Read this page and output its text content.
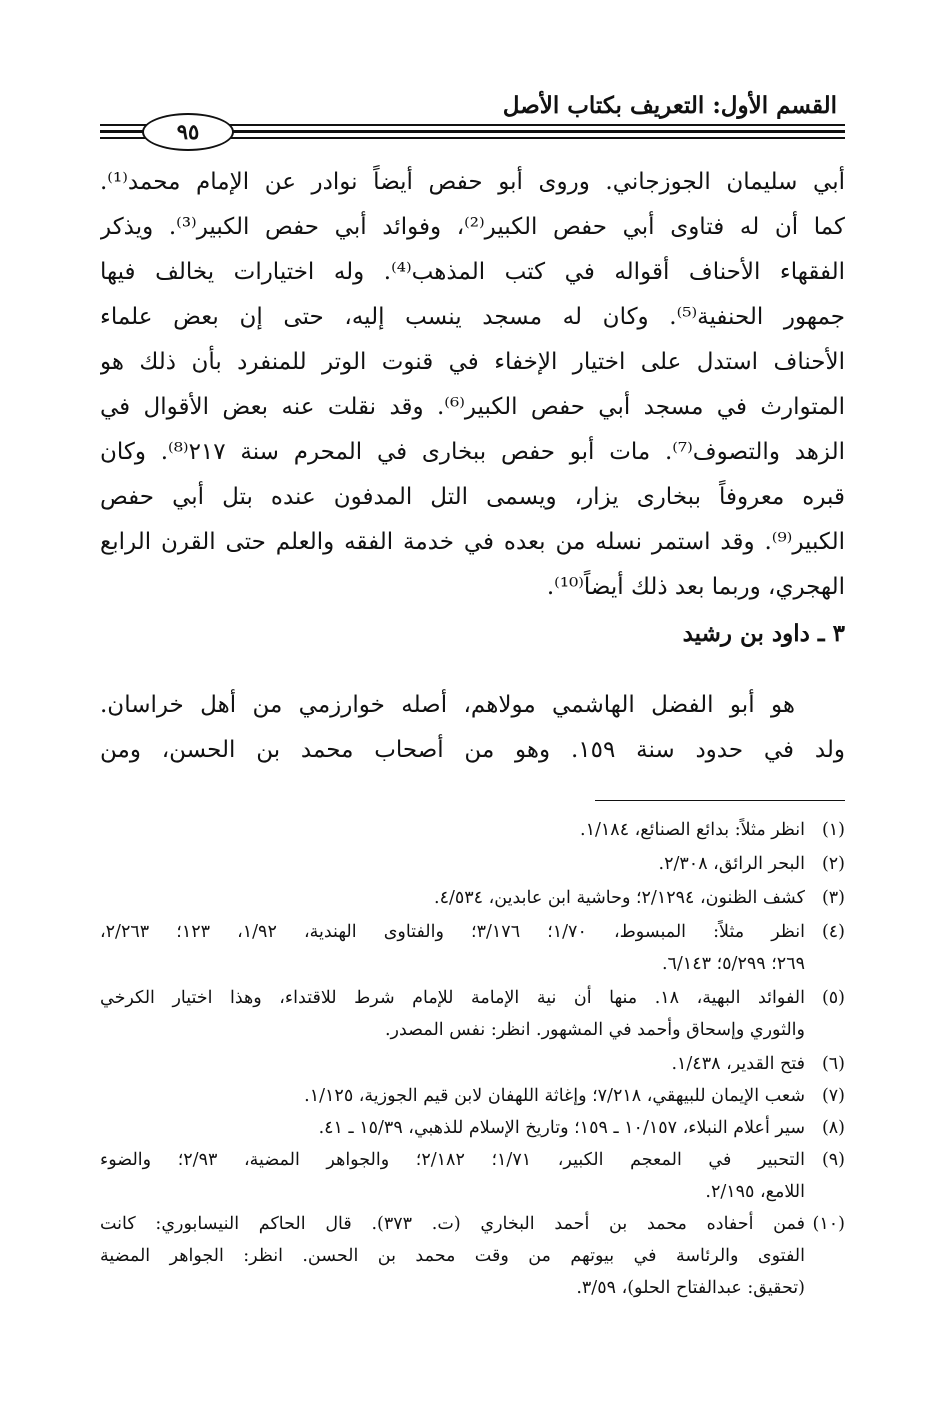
القسم الأول: التعريف بكتاب الأصل
٩٥
أبي سليمان الجوزجاني. وروى أبو حفص أيضاً نوادر عن الإمام محمد⁽¹⁾.
كما أن له فتاوى أبي حفص الكبير⁽²⁾، وفوائد أبي حفص الكبير⁽³⁾. ويذكر
الفقهاء الأحناف أقواله في كتب المذهب⁽⁴⁾. وله اختيارات يخالف فيها
جمهور الحنفية⁽⁵⁾. وكان له مسجد ينسب إليه، حتى إن بعض علماء
الأحناف استدل على اختيار الإخفاء في قنوت الوتر للمنفرد بأن ذلك هو
المتوارث في مسجد أبي حفص الكبير⁽⁶⁾. وقد نقلت عنه بعض الأقوال في
الزهد والتصوف⁽⁷⁾. مات أبو حفص ببخارى في المحرم سنة ٢١٧⁽⁸⁾. وكان
قبره معروفاً ببخارى يزار، ويسمى التل المدفون عنده بتل أبي حفص
الكبير⁽⁹⁾. وقد استمر نسله من بعده في خدمة الفقه والعلم حتى القرن الرابع
الهجري، وربما بعد ذلك أيضاً⁽¹⁰⁾.
٣ ـ داود بن رشيد
هو أبو الفضل الهاشمي مولاهم، أصله خوارزمي من أهل خراسان.
ولد في حدود سنة ١٥٩. وهو من أصحاب محمد بن الحسن، ومن
(١)
انظر مثلاً: بدائع الصنائع، ١/١٨٤.
(٢)
البحر الرائق، ٢/٣٠٨.
(٣)
كشف الظنون، ٢/١٢٩٤؛ وحاشية ابن عابدين، ٤/٥٣٤.
(٤)
انظر مثلاً: المبسوط، ١/٧٠؛ ٣/١٧٦؛ والفتاوى الهندية، ١/٩٢، ١٢٣؛ ٢/٢٦٣،
٢٦٩؛ ٥/٢٩٩؛ ٦/١٤٣.
(٥)
الفوائد البهية، ١٨. منها أن نية الإمامة للإمام شرط للاقتداء، وهذا اختيار الكرخي
والثوري وإسحاق وأحمد في المشهور. انظر: نفس المصدر.
(٦)
فتح القدير، ١/٤٣٨.
(٧)
شعب الإيمان للبيهقي، ٧/٢١٨؛ وإغاثة اللهفان لابن قيم الجوزية، ١/١٢٥.
(٨)
سير أعلام النبلاء، ١٠/١٥٧ ـ ١٥٩؛ وتاريخ الإسلام للذهبي، ١٥/٣٩ ـ ٤١.
(٩)
التحبير في المعجم الكبير، ١/٧١؛ ٢/١٨٢؛ والجواهر المضية، ٢/٩٣؛ والضوء
اللامع، ٢/١٩٥.
(١٠)
فمن أحفاده محمد بن أحمد البخاري (ت. ٣٧٣). قال الحاكم النيسابوري: كانت
الفتوى والرئاسة في بيوتهم من وقت محمد بن الحسن. انظر: الجواهر المضية
(تحقيق: عبدالفتاح الحلو)، ٣/٥٩.
